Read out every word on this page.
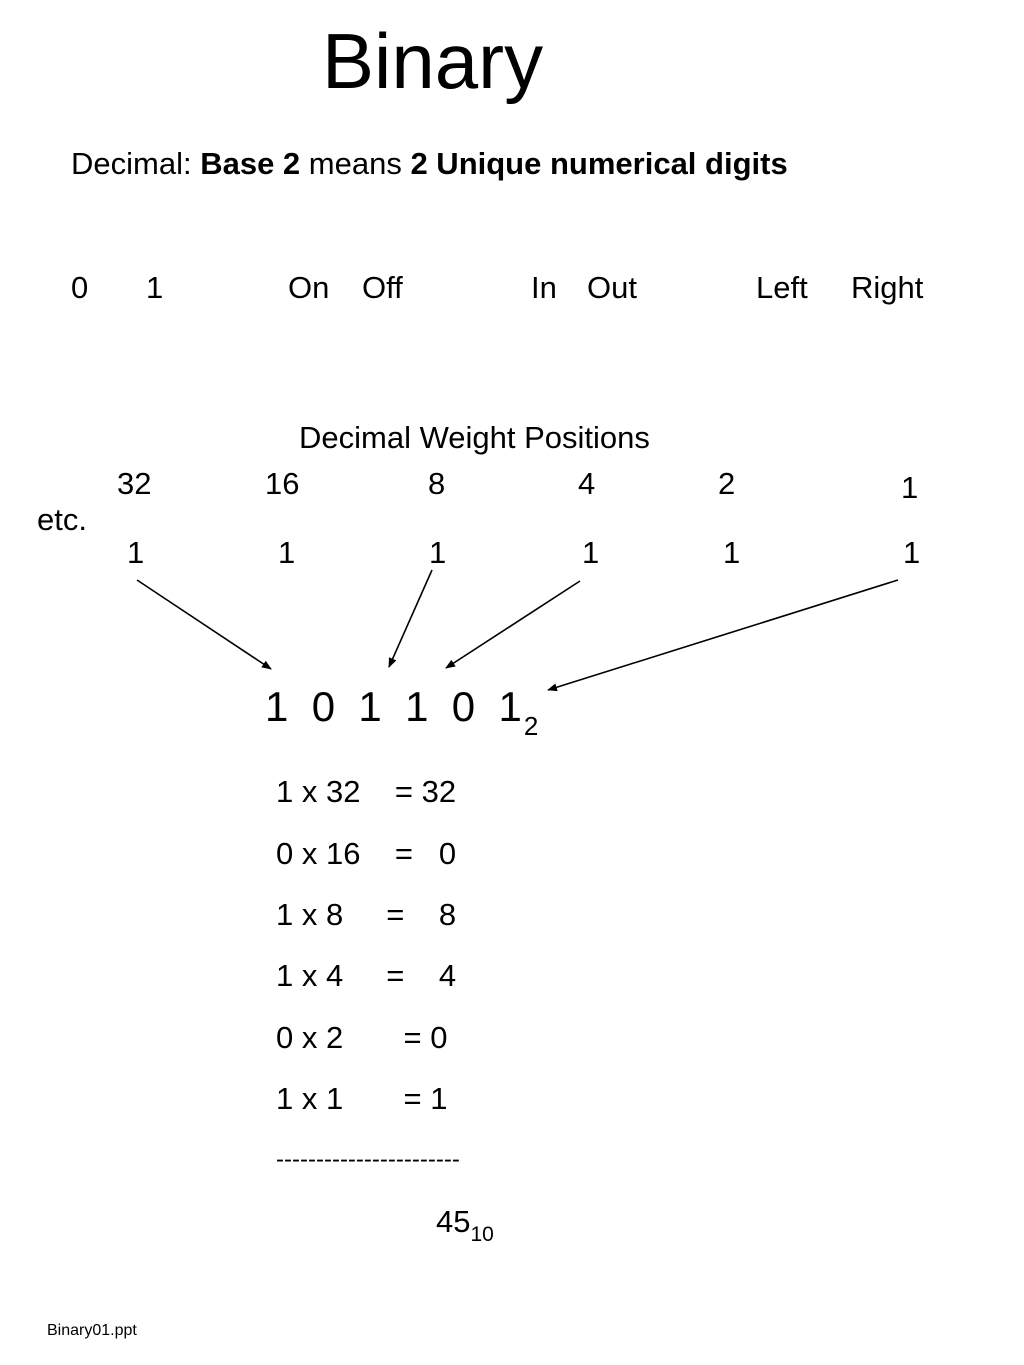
Binary
Decimal: Base 2 means 2 Unique numerical digits
0 1	On Off	In Out	Left Right
Decimal Weight Positions
32	16	8	4	2	1
etc.
1	1	1	1	1	1
1  0  1  1  0  $1_2$
1 x 32    = 32
0 x 16    =   0
1 x 8     =    8
1 x 4     =    4
0 x 2       = 0
1 x 1       = 1
-----------------------
$45_{10}$
Binary01.ppt
